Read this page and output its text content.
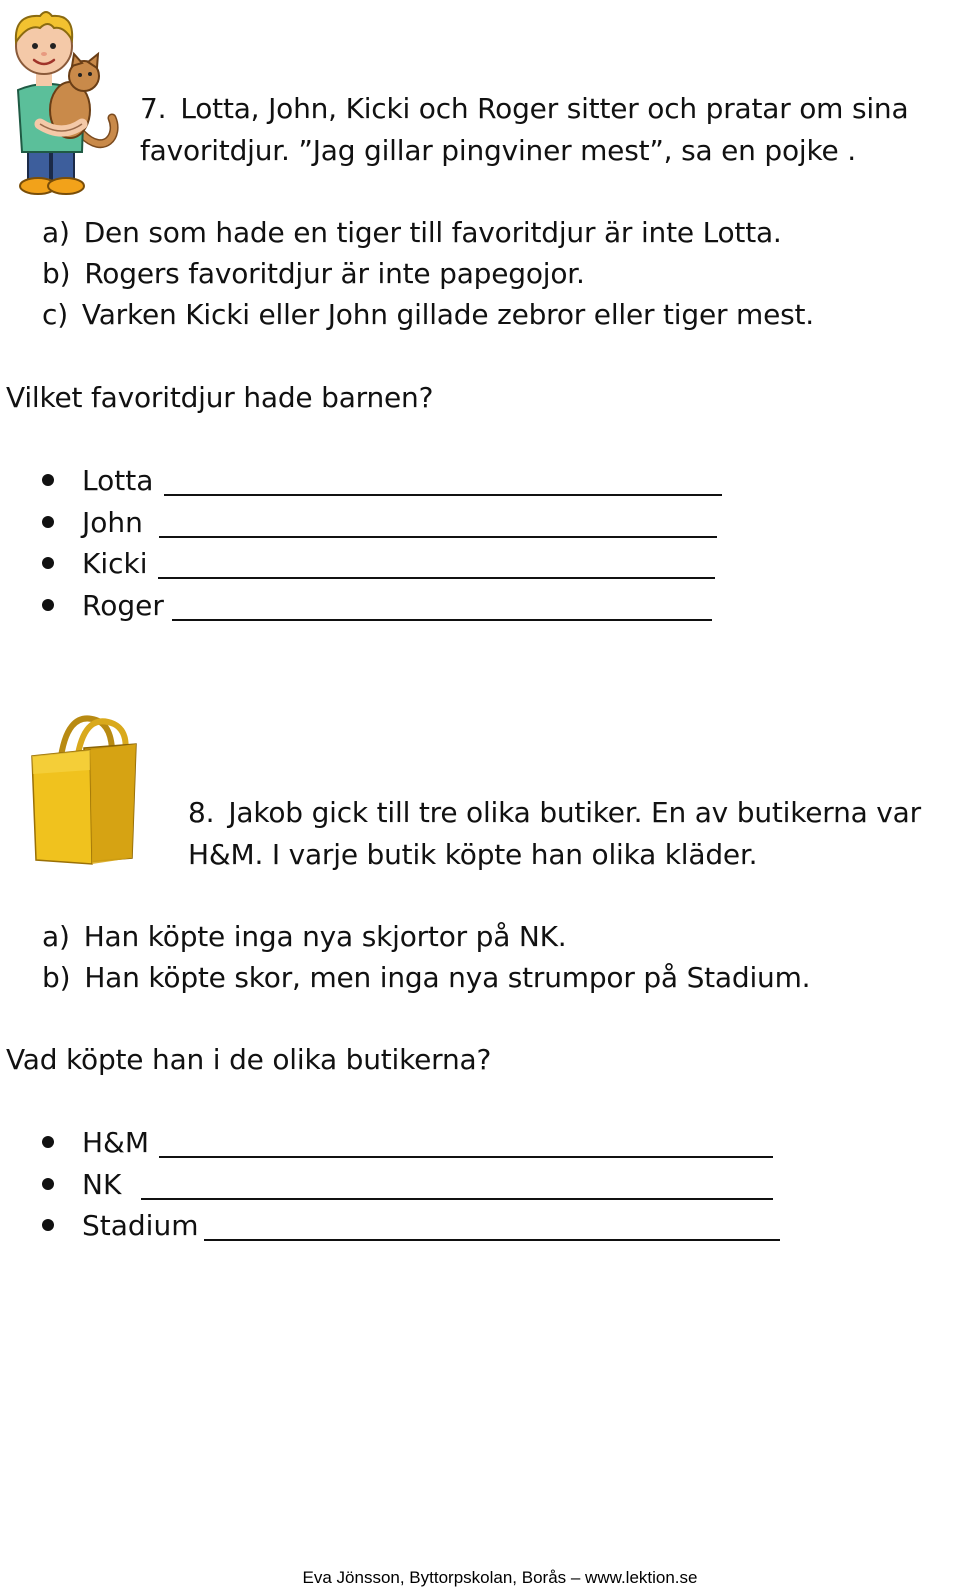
7. Lotta, John, Kicki och Roger sitter och pratar om sina
favoritdjur. ”Jag gillar pingviner mest”, sa en pojke .
a) Den som hade en tiger till favoritdjur är inte Lotta.
b) Rogers favoritdjur är inte papegojor.
c) Varken Kicki eller John gillade zebror eller tiger mest.
Vilket favoritdjur hade barnen?
Lotta
John
Kicki
Roger
8. Jakob gick till tre olika butiker. En av butikerna var
H&M. I varje butik köpte han olika kläder.
a) Han köpte inga nya skjortor på NK.
b) Han köpte skor, men inga nya strumpor på Stadium.
Vad köpte han i de olika butikerna?
H&M
NK
Stadium
Eva Jönsson, Byttorpskolan, Borås – www.lektion.se
